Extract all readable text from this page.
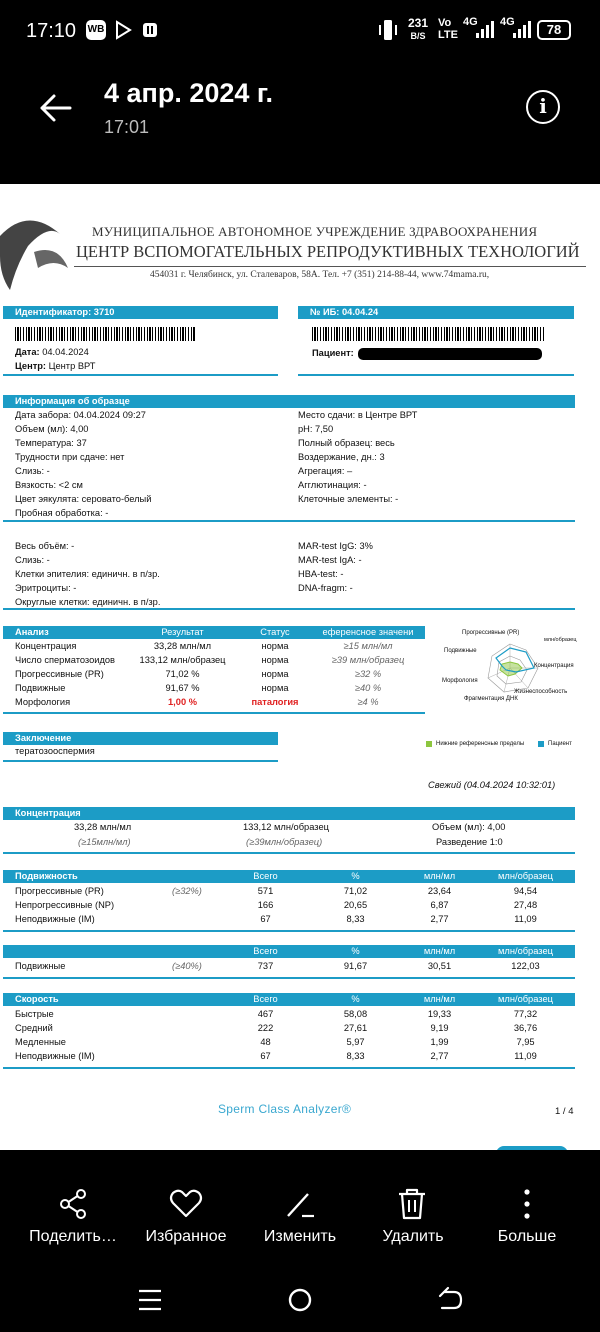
17:10 WB	231
B/S
Vo
LTE
4G 4G	78
4 апр. 2024 г.
17:01
i
МУНИЦИПАЛЬНОЕ АВТОНОМНОЕ УЧРЕЖДЕНИЕ ЗДРАВООХРАНЕНИЯ
ЦЕНТР ВСПОМОГАТЕЛЬНЫХ РЕПРОДУКТИВНЫХ ТЕХНОЛОГИЙ
454031 г. Челябинск, ул. Сталеваров, 58А. Тел. +7 (351) 214-88-44, www.74mama.ru,
Идентификатор: 3710	№ ИБ: 04.04.24
Дата: 04.04.2024
Центр: Центр ВРТ
Пациент:
Информация об образце
Дата забора: 04.04.2024 09:27
Объем (мл): 4,00
Температура: 37
Трудности при сдаче: нет
Слизь: -
Вязкость: <2 см
Цвет эякулята: серовато-белый
Пробная обработка: -
Место сдачи: в Центре ВРТ
pH: 7,50
Полный образец: весь
Воздержание, дн.: 3
Агрегация: –
Агглютинация: -
Клеточные элементы: -
Весь объём: -
Слизь: -
Клетки эпителия: единичн. в п/зр.
Эритроциты: -
Округлые клетки: единичн. в п/зр.
MAR-test IgG: 3%
MAR-test IgA: -
HBA-test: -
DNA-fragm: -
Анализ	Результат	Статус	еференсное значени
Концентрация	33,28 млн/мл	норма	≥15 млн/мл
Число сперматозоидов	133,12 млн/образец	норма	≥39 млн/образец
Прогрессивные (PR)	71,02 %	норма	≥32 %
Подвижные	91,67 %	норма	≥40 %
Морфология	1,00 %	паталогия	≥4 %
Прогрессивные (PR)
млн/образец
Подвижные
Концентрация
Морфология
Жизнеспособность
Фрагментация ДНК
Заключение
тератозооспермия
Нижние референсные пределы	Пациент
Свежий (04.04.2024 10:32:01)
Концентрация
33,28 млн/мл	133,12 млн/образец	Объем (мл): 4,00
(≥15млн/мл)	(≥39млн/образец)	Разведение 1:0
Подвижность	Всего	%	млн/мл	млн/образец
Прогрессивные (PR)	(≥32%)	571	71,02	23,64	94,54
Непрогрессивные (NP)	166	20,65	6,87	27,48
Неподвижные (IM)	67	8,33	2,77	11,09
Всего	%	млн/мл	млн/образец
Подвижные	(≥40%)	737	91,67	30,51	122,03
Скорость	Всего	%	млн/мл	млн/образец
Быстрые	467	58,08	19,33	77,32
Средний	222	27,61	9,19	36,76
Медленные	48	5,97	1,99	7,95
Неподвижные (IM)	67	8,33	2,77	11,09
Sperm Class Analyzer®	1 / 4
Поделить…	Избранное	Изменить	Удалить	Больше
